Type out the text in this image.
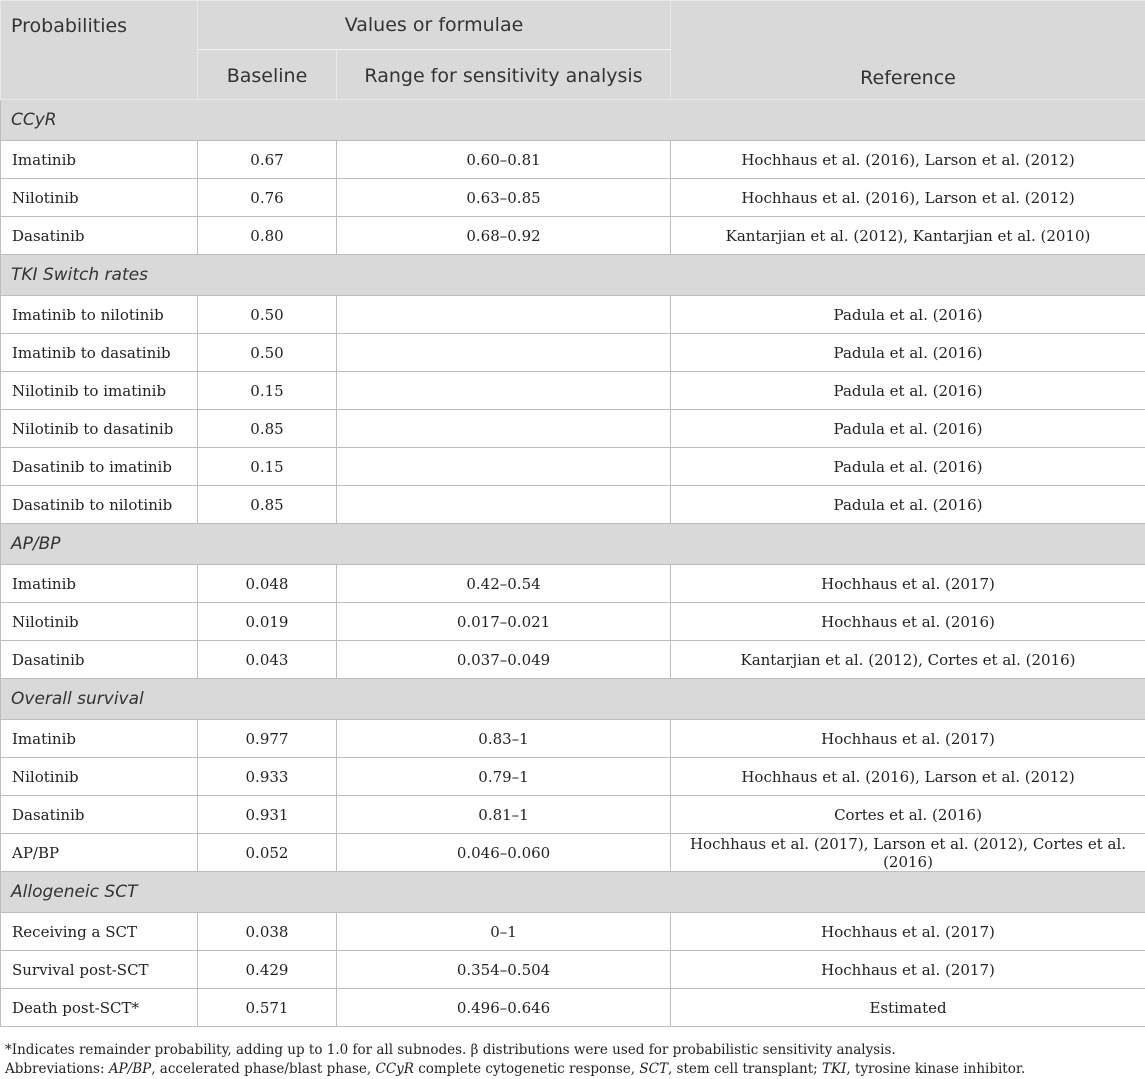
Probabilities	Values or formulae		Reference
	Baseline	Range for sensitivity analysis	
CCyR			
Imatinib	0.67	0.60–0.81	Hochhaus et al. (2016), Larson et al. (2012)
Nilotinib	0.76	0.63–0.85	Hochhaus et al. (2016), Larson et al. (2012)
Dasatinib	0.80	0.68–0.92	Kantarjian et al. (2012), Kantarjian et al. (2010)
TKI Switch rates			
Imatinib to nilotinib	0.50		Padula et al. (2016)
Imatinib to dasatinib	0.50		Padula et al. (2016)
Nilotinib to imatinib	0.15		Padula et al. (2016)
Nilotinib to dasatinib	0.85		Padula et al. (2016)
Dasatinib to imatinib	0.15		Padula et al. (2016)
Dasatinib to nilotinib	0.85		Padula et al. (2016)
AP/BP			
Imatinib	0.048	0.42–0.54	Hochhaus et al. (2017)
Nilotinib	0.019	0.017–0.021	Hochhaus et al. (2016)
Dasatinib	0.043	0.037–0.049	Kantarjian et al. (2012), Cortes et al. (2016)
Overall survival			
Imatinib	0.977	0.83–1	Hochhaus et al. (2017)
Nilotinib	0.933	0.79–1	Hochhaus et al. (2016), Larson et al. (2012)
Dasatinib	0.931	0.81–1	Cortes et al. (2016)
AP/BP	0.052	0.046–0.060	Hochhaus et al. (2017), Larson et al. (2012), Cortes et al. (2016)
Allogeneic SCT			
Receiving a SCT	0.038	0–1	Hochhaus et al. (2017)
Survival post-SCT	0.429	0.354–0.504	Hochhaus et al. (2017)
Death post-SCT*	0.571	0.496–0.646	Estimated
*Indicates remainder probability, adding up to 1.0 for all subnodes. β distributions were used for probabilistic sensitivity analysis.
Abbreviations: AP/BP, accelerated phase/blast phase, CCyR complete cytogenetic response, SCT, stem cell transplant; TKI, tyrosine kinase inhibitor.
